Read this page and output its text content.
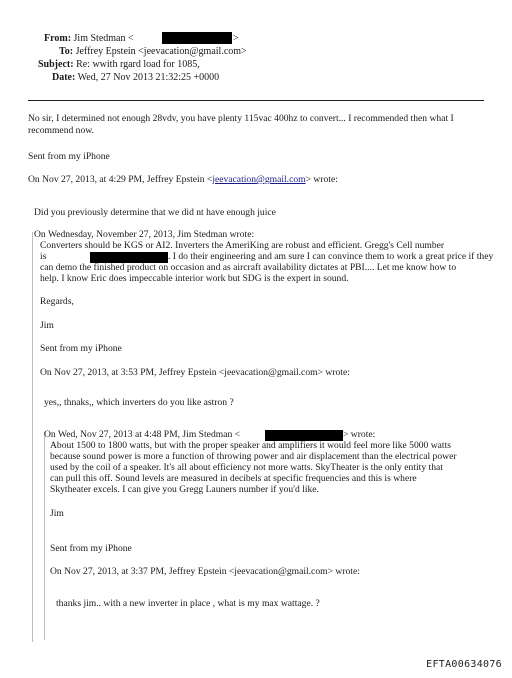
From: Jim Stedman <	>
To: Jeffrey Epstein <jeevacation@gmail.com>
Subject: Re: wwith rgard load for 1085,
Date: Wed, 27 Nov 2013 21:32:25 +0000
No sir, I determined not enough 28vdv, you have plenty 115vac 400hz to convert... I recommended then what I
recommend now.
Sent from my iPhone
On Nov 27, 2013, at 4:29 PM, Jeffrey Epstein <jeevacation@gmail.com> wrote:
Did you previously determine that we did nt have enough juice
On Wednesday, November 27, 2013, Jim Stedman wrote:
Converters should be KGS or AI2. Inverters the AmeriKing are robust and efficient. Gregg's Cell number
is	. I do their engineering and am sure I can convince them to work a great price if they
can demo the finished product on occasion and as aircraft availability dictates at PBI.... Let me know how to
help. I know Eric does impeccable interior work but SDG is the expert in sound.
Regards,
Jim
Sent from my iPhone
On Nov 27, 2013, at 3:53 PM, Jeffrey Epstein <jeevacation@gmail.com> wrote:
yes,, thnaks,, which inverters do you like astron ?
On Wed, Nov 27, 2013 at 4:48 PM, Jim Stedman <	> wrote:
About 1500 to 1800 watts, but with the proper speaker and amplifiers it would feel more like 5000 watts
because sound power is more a function of throwing power and air displacement than the electrical power
used by the coil of a speaker. It's all about efficiency not more watts. SkyTheater is the only entity that
can pull this off. Sound levels are measured in decibels at specific frequencies and this is where
Skytheater excels. I can give you Gregg Launers number if you'd like.
Jim
Sent from my iPhone
On Nov 27, 2013, at 3:37 PM, Jeffrey Epstein <jeevacation@gmail.com> wrote:
thanks jim.. with a new inverter in place , what is my max wattage. ?
EFTA00634076
